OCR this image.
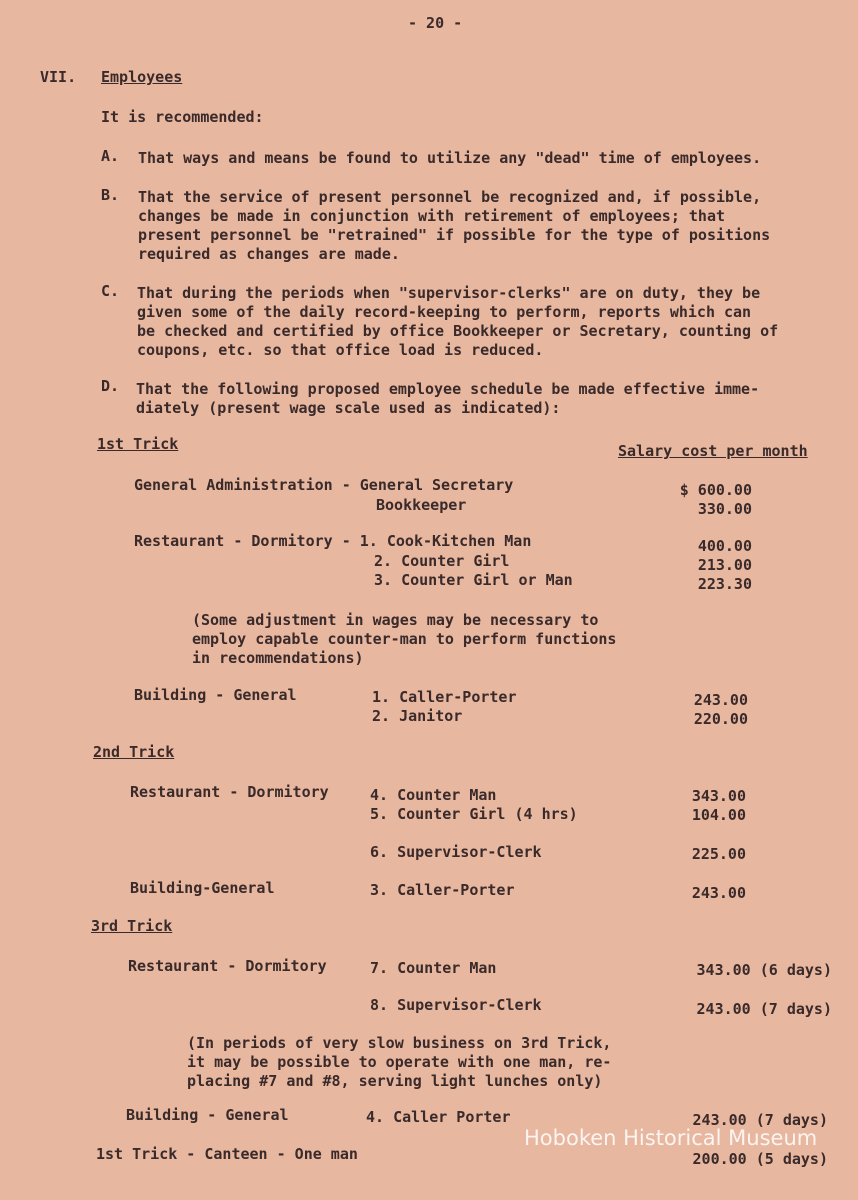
- 20 -
VII. Employees
It is recommended:
A. That ways and means be found to utilize any "dead" time of employees.
B. That the service of present personnel be recognized and, if possible,
changes be made in conjunction with retirement of employees; that
present personnel be "retrained" if possible for the type of positions
required as changes are made.
C. That during the periods when "supervisor-clerks" are on duty, they be
given some of the daily record-keeping to perform, reports which can
be checked and certified by office Bookkeeper or Secretary, counting of
coupons, etc. so that office load is reduced.
D. That the following proposed employee schedule be made effective imme-
diately (present wage scale used as indicated):
1st Trick	Salary cost per month
General Administration - General Secretary	$ 600.00
Bookkeeper	330.00
Restaurant - Dormitory - 1. Cook-Kitchen Man	400.00
2. Counter Girl	213.00
3. Counter Girl or Man	223.30
(Some adjustment in wages may be necessary to
employ capable counter-man to perform functions
in recommendations)
Building - General	1. Caller-Porter	243.00
2. Janitor	220.00
2nd Trick
Restaurant - Dormitory	4. Counter Man	343.00
5. Counter Girl (4 hrs)	104.00
6. Supervisor-Clerk	225.00
Building-General	3. Caller-Porter	243.00
3rd Trick
Restaurant - Dormitory	7. Counter Man	343.00 (6 days)
8. Supervisor-Clerk	243.00 (7 days)
(In periods of very slow business on 3rd Trick,
it may be possible to operate with one man, re-
placing #7 and #8, serving light lunches only)
Building - General	4. Caller Porter	243.00 (7 days)
1st Trick - Canteen - One man	200.00 (5 days)
Hoboken Historical Museum
